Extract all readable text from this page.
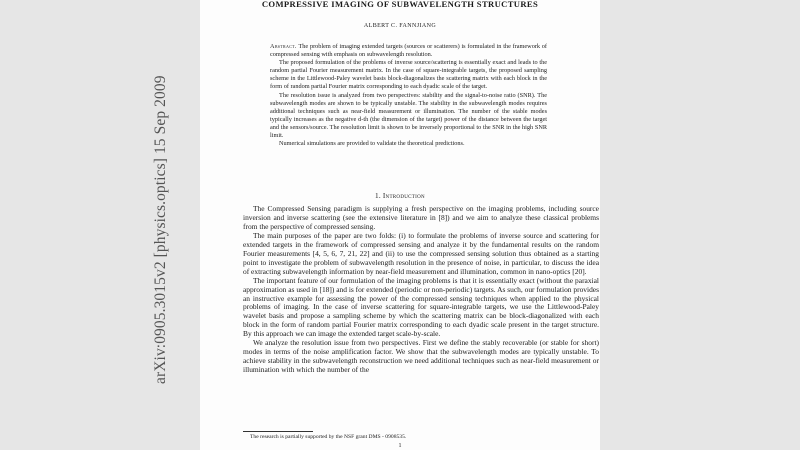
arXiv:0905.3015v2 [physics.optics] 15 Sep 2009
COMPRESSIVE IMAGING OF SUBWAVELENGTH STRUCTURES
ALBERT C. FANNJIANG

Abstract. The problem of imaging extended targets (sources or scatterers) is formulated in the framework of compressed sensing with emphasis on subwavelength resolution.

The proposed formulation of the problems of inverse source/scattering is essentially exact and leads to the random partial Fourier measurement matrix. In the case of square-integrable targets, the proposed sampling scheme in the Littlewood-Paley wavelet basis block-diagonalizes the scattering matrix with each block in the form of random partial Fourier matrix corresponding to each dyadic scale of the target.

The resolution issue is analyzed from two perspectives: stability and the signal-to-noise ratio (SNR). The subwavelength modes are shown to be typically unstable. The stability in the subwavelength modes requires additional techniques such as near-field measurement or illumination. The number of the stable modes typically increases as the negative d-th (the dimension of the target) power of the distance between the target and the sensors/source. The resolution limit is shown to be inversely proportional to the SNR in the high SNR limit.

Numerical simulations are provided to validate the theoretical predictions.

1. Introduction

The Compressed Sensing paradigm is supplying a fresh perspective on the imaging problems, including source inversion and inverse scattering (see the extensive literature in [8]) and we aim to analyze these classical problems from the perspective of compressed sensing.

The main purposes of the paper are two folds: (i) to formulate the problems of inverse source and scattering for extended targets in the framework of compressed sensing and analyze it by the fundamental results on the random Fourier measurements [4, 5, 6, 7, 21, 22] and (ii) to use the compressed sensing solution thus obtained as a starting point to investigate the problem of subwavelength resolution in the presence of noise, in particular, to discuss the idea of extracting subwavelength information by near-field measurement and illumination, common in nano-optics [20].

The important feature of our formulation of the imaging problems is that it is essentially exact (without the paraxial approximation as used in [18]) and is for extended (periodic or non-periodic) targets. As such, our formulation provides an instructive example for assessing the power of the compressed sensing techniques when applied to the physical problems of imaging. In the case of inverse scattering for square-integrable targets, we use the Littlewood-Paley wavelet basis and propose a sampling scheme by which the scattering matrix can be block-diagonalized with each block in the form of random partial Fourier matrix corresponding to each dyadic scale present in the target structure. By this approach we can image the extended target scale-by-scale.

We analyze the resolution issue from two perspectives. First we define the stably recoverable (or stable for short) modes in terms of the noise amplification factor. We show that the subwavelength modes are typically unstable. To achieve stability in the subwavelength reconstruction we need additional techniques such as near-field measurement or illumination with which the number of the

The research is partially supported by the NSF grant DMS - 0908535.
1
